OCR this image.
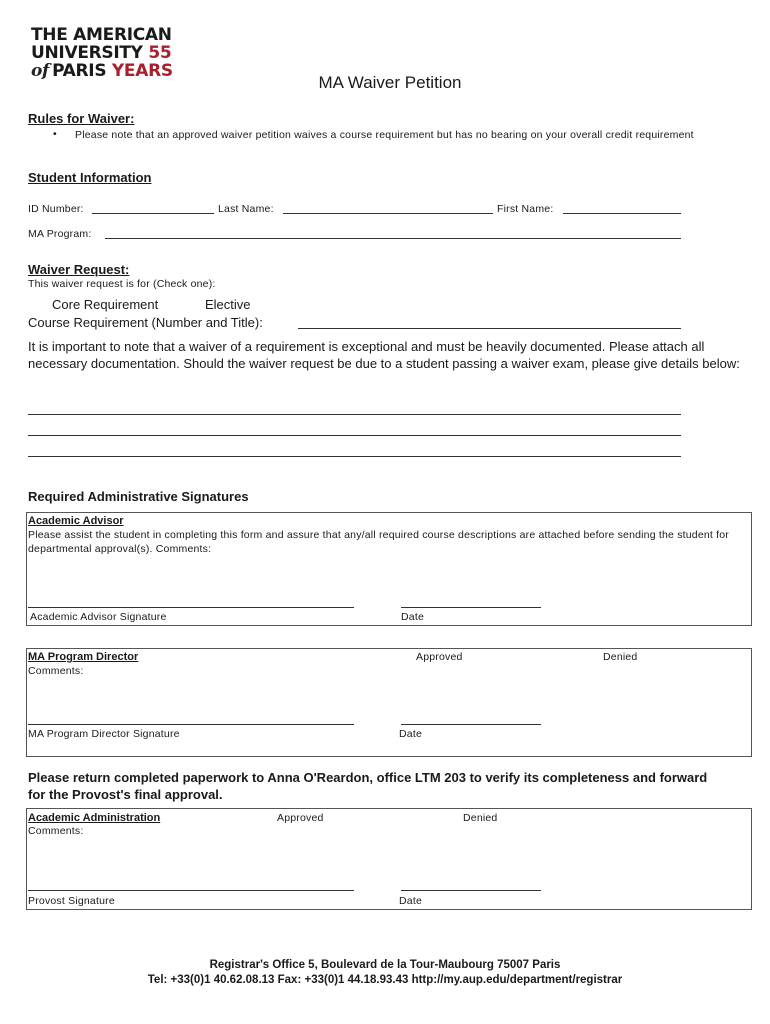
THE AMERICAN
UNIVERSITY 55
of PARIS YEARS
MA Waiver Petition
Rules for Waiver:
• Please note that an approved waiver petition waives a course requirement but has no bearing on your overall credit requirement
Student Information
ID Number:	Last Name:	First Name:
MA Program:
Waiver Request:
This waiver request is for (Check one):
Core Requirement	Elective
Course Requirement (Number and Title):
It is important to note that a waiver of a requirement is exceptional and must be heavily documented. Please attach all necessary documentation. Should the waiver request be due to a student passing a waiver exam, please give details below:
Required Administrative Signatures
Academic Advisor
Please assist the student in completing this form and assure that any/all required course descriptions are attached before sending the student for departmental approval(s). Comments:
Academic Advisor Signature	Date
MA Program Director	Approved	Denied
Comments:
MA Program Director Signature	Date
Please return completed paperwork to Anna O'Reardon, office LTM 203 to verify its completeness and forward for the Provost's final approval.
Academic Administration	Approved	Denied
Comments:
Provost Signature	Date
Registrar's Office 5, Boulevard de la Tour-Maubourg 75007 Paris
Tel: +33(0)1 40.62.08.13 Fax: +33(0)1 44.18.93.43 http://my.aup.edu/department/registrar
